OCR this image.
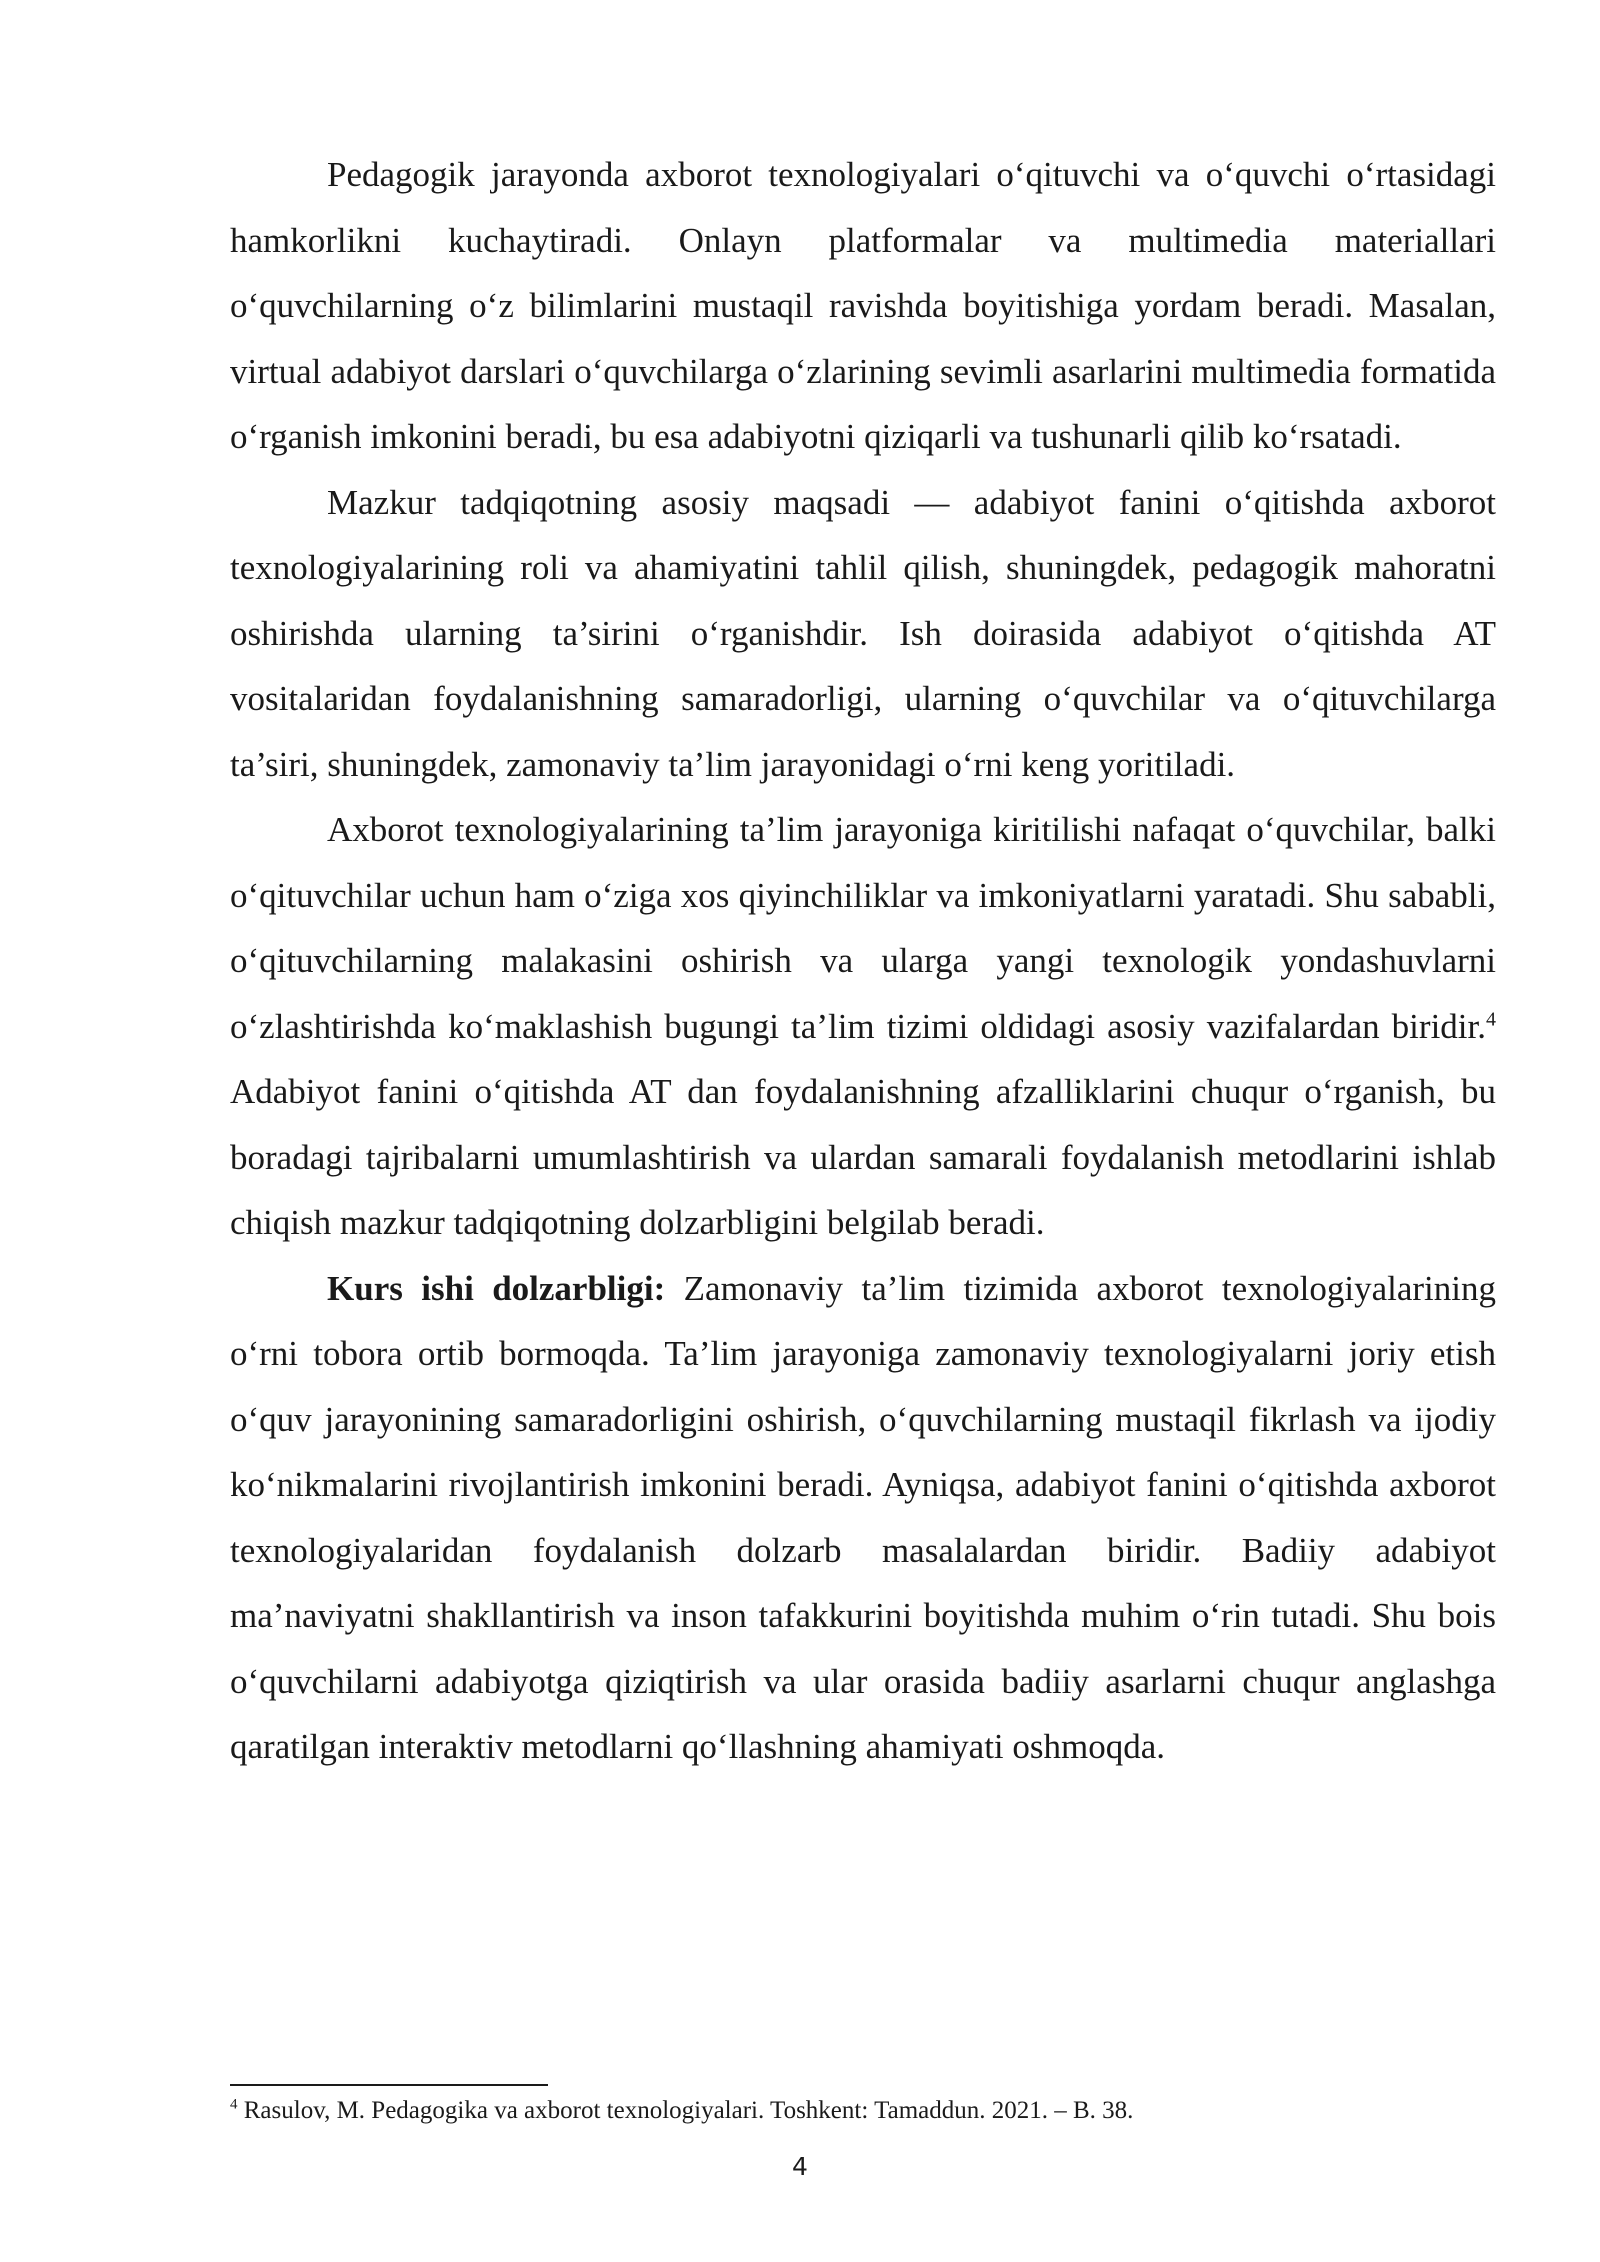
Pedagogik jarayonda axborot texnologiyalari o‘qituvchi va o‘quvchi o‘rtasidagi hamkorlikni kuchaytiradi. Onlayn platformalar va multimedia materiallari o‘quvchilarning o‘z bilimlarini mustaqil ravishda boyitishiga yordam beradi. Masalan, virtual adabiyot darslari o‘quvchilarga o‘zlarining sevimli asarlarini multimedia formatida o‘rganish imkonini beradi, bu esa adabiyotni qiziqarli va tushunarli qilib ko‘rsatadi.

Mazkur tadqiqotning asosiy maqsadi — adabiyot fanini o‘qitishda axborot texnologiyalarining roli va ahamiyatini tahlil qilish, shuningdek, pedagogik mahoratni oshirishda ularning ta’sirini o‘rganishdir. Ish doirasida adabiyot o‘qitishda AT vositalaridan foydalanishning samaradorligi, ularning o‘quvchilar va o‘qituvchilarga ta’siri, shuningdek, zamonaviy ta’lim jarayonidagi o‘rni keng yoritiladi.

Axborot texnologiyalarining ta’lim jarayoniga kiritilishi nafaqat o‘quvchilar, balki o‘qituvchilar uchun ham o‘ziga xos qiyinchiliklar va imkoniyatlarni yaratadi. Shu sababli, o‘qituvchilarning malakasini oshirish va ularga yangi texnologik yondashuvlarni o‘zlashtirishda ko‘maklashish bugungi ta’lim tizimi oldidagi asosiy vazifalardan biridir.$^4$ Adabiyot fanini o‘qitishda AT dan foydalanishning afzalliklarini chuqur o‘rganish, bu boradagi tajribalarni umumlashtirish va ulardan samarali foydalanish metodlarini ishlab chiqish mazkur tadqiqotning dolzarbligini belgilab beradi.

Kurs ishi dolzarbligi: Zamonaviy ta’lim tizimida axborot texnologiyalarining o‘rni tobora ortib bormoqda. Ta’lim jarayoniga zamonaviy texnologiyalarni joriy etish o‘quv jarayonining samaradorligini oshirish, o‘quvchilarning mustaqil fikrlash va ijodiy ko‘nikmalarini rivojlantirish imkonini beradi. Ayniqsa, adabiyot fanini o‘qitishda axborot texnologiyalaridan foydalanish dolzarb masalalardan biridir. Badiiy adabiyot ma’naviyatni shakllantirish va inson tafakkurini boyitishda muhim o‘rin tutadi. Shu bois o‘quvchilarni adabiyotga qiziqtirish va ular orasida badiiy asarlarni chuqur anglashga qaratilgan interaktiv metodlarni qo‘llashning ahamiyati oshmoqda.

$^4$ Rasulov, M. Pedagogika va axborot texnologiyalari. Toshkent: Tamaddun. 2021. – B. 38.
4
